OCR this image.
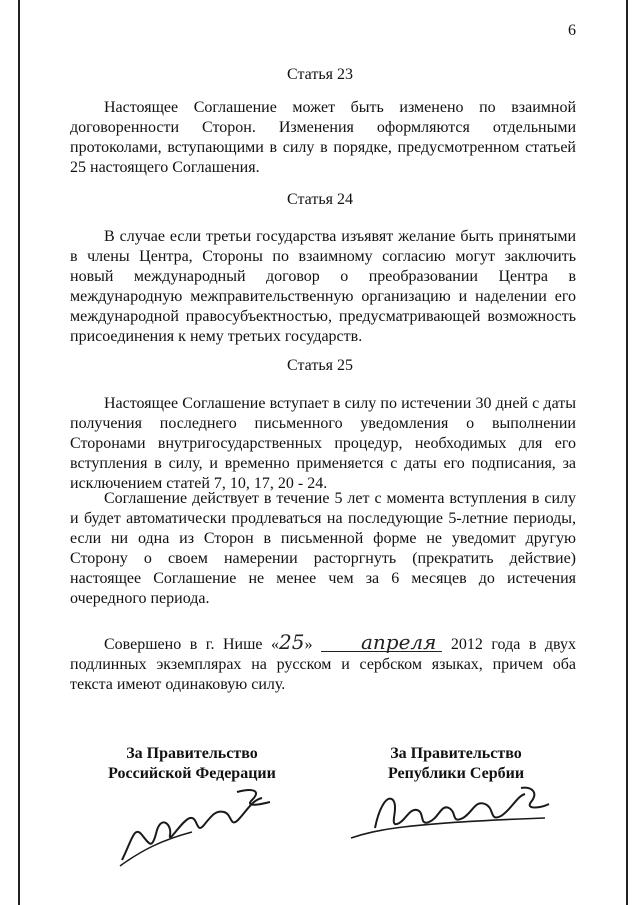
6
Статья 23

Настоящее Соглашение может быть изменено по взаимной договоренности Сторон. Изменения оформляются отдельными протоколами, вступающими в силу в порядке, предусмотренном статьей 25 настоящего Соглашения.

Статья 24

В случае если третьи государства изъявят желание быть принятыми в члены Центра, Стороны по взаимному согласию могут заключить новый международный договор о преобразовании Центра в международную межправительственную организацию и наделении его международной правосубъектностью, предусматривающей возможность присоединения к нему третьих государств.

Статья 25

Настоящее Соглашение вступает в силу по истечении 30 дней с даты получения последнего письменного уведомления о выполнении Сторонами внутригосударственных процедур, необходимых для его вступления в силу, и временно применяется с даты его подписания, за исключением статей 7, 10, 17, 20 - 24.

Соглашение действует в течение 5 лет с момента вступления в силу и будет автоматически продлеваться на последующие 5-летние периоды, если ни одна из Сторон в письменной форме не уведомит другую Сторону о своем намерении расторгнуть (прекратить действие) настоящее Соглашение не менее чем за 6 месяцев до истечения очередного периода.

Совершено в г. Нише «25» апреля 2012 года в двух подлинных экземплярах на русском и сербском языках, причем оба текста имеют одинаковую силу.

За Правительство
Российской Федерации
За Правительство
Републики Сербии
